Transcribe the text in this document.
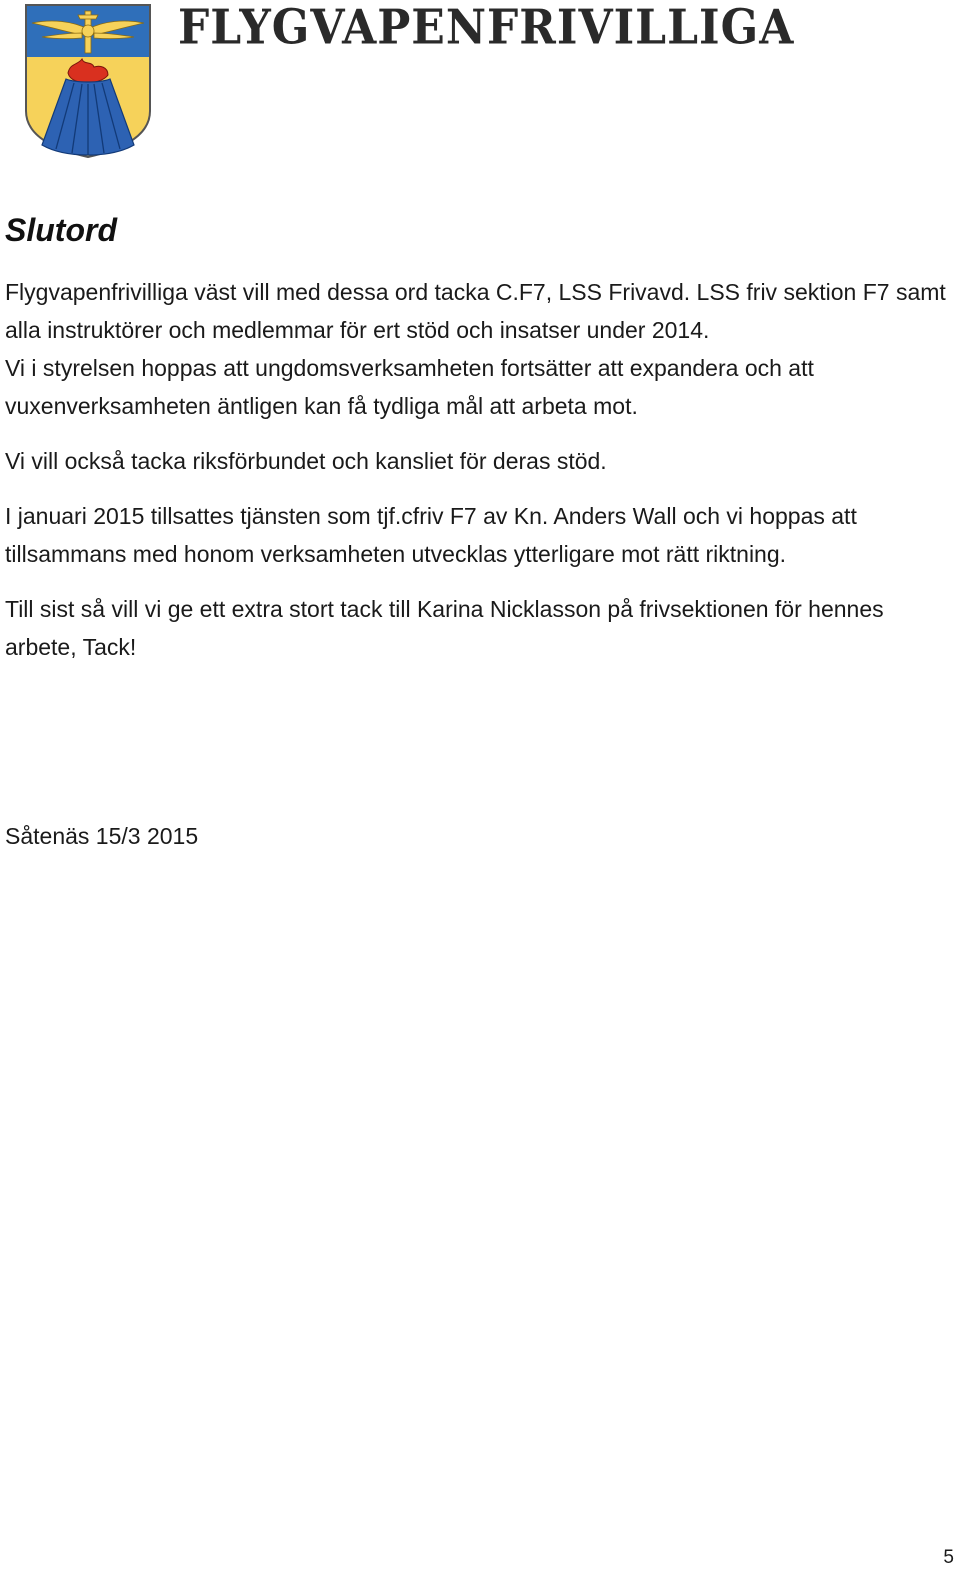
FLYGVAPENFRIVILLIGA
Slutord

Flygvapenfrivilliga väst vill med dessa ord tacka C.F7, LSS Frivavd. LSS friv sektion F7 samt alla instruktörer och medlemmar för ert stöd och insatser under 2014.

Vi i styrelsen hoppas att ungdomsverksamheten fortsätter att expandera och att vuxenverksamheten äntligen kan få tydliga mål att arbeta mot.

Vi vill också tacka riksförbundet och kansliet för deras stöd.

I januari 2015 tillsattes tjänsten som tjf.cfriv F7 av Kn. Anders Wall och vi hoppas att tillsammans med honom verksamheten utvecklas ytterligare mot rätt riktning.

Till sist så vill vi ge ett extra stort tack till Karina Nicklasson på frivsektionen för hennes arbete, Tack!

Såtenäs 15/3 2015

5
